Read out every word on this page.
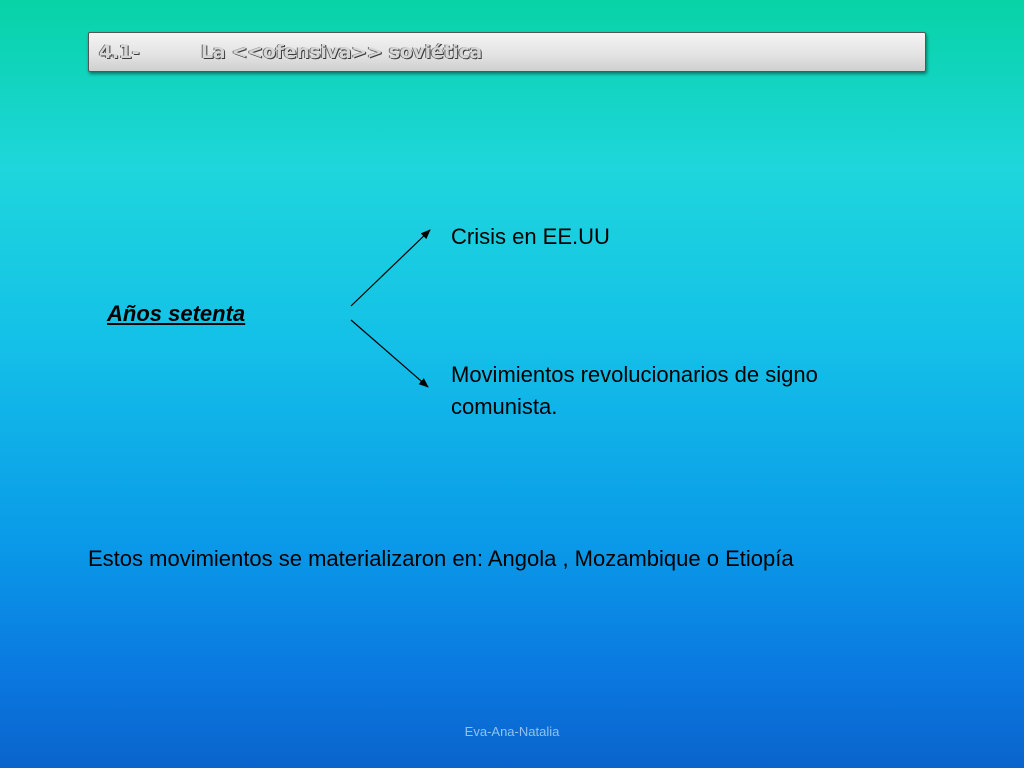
4.1-	La <<ofensiva>> soviética
Años setenta
Crisis en EE.UU
Movimientos revolucionarios de signo comunista.
Estos movimientos se materializaron en: Angola , Mozambique o Etiopía
Eva-Ana-Natalia
